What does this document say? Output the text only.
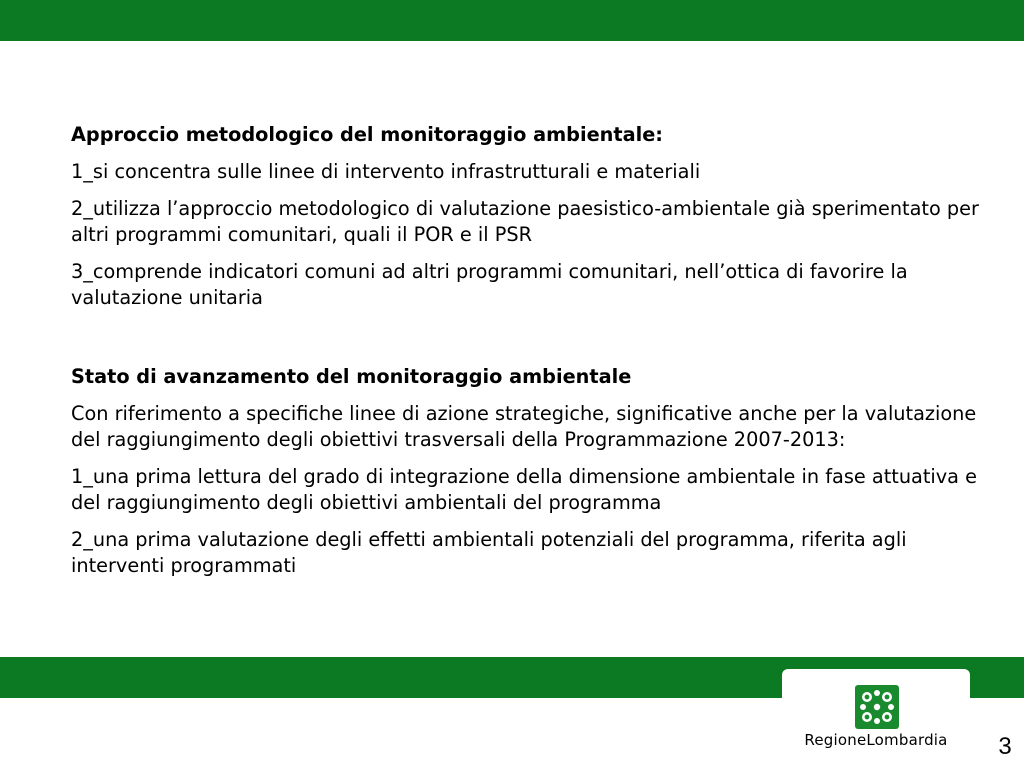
Approccio metodologico del monitoraggio ambientale:

1_si concentra sulle linee di intervento infrastrutturali e materiali

2_utilizza l’approccio metodologico di valutazione paesistico-ambientale già sperimentato per altri programmi comunitari, quali il POR e il PSR

3_comprende indicatori comuni ad altri programmi comunitari, nell’ottica di favorire la valutazione unitaria

Stato di avanzamento del monitoraggio ambientale

Con riferimento a specifiche linee di azione strategiche, significative anche per la valutazione del raggiungimento degli obiettivi trasversali della Programmazione 2007-2013:

1_una prima lettura del grado di integrazione della dimensione ambientale in fase attuativa e del raggiungimento degli obiettivi ambientali del programma

2_una prima valutazione degli effetti ambientali potenziali del programma, riferita agli interventi programmati

RegioneLombardia	3
